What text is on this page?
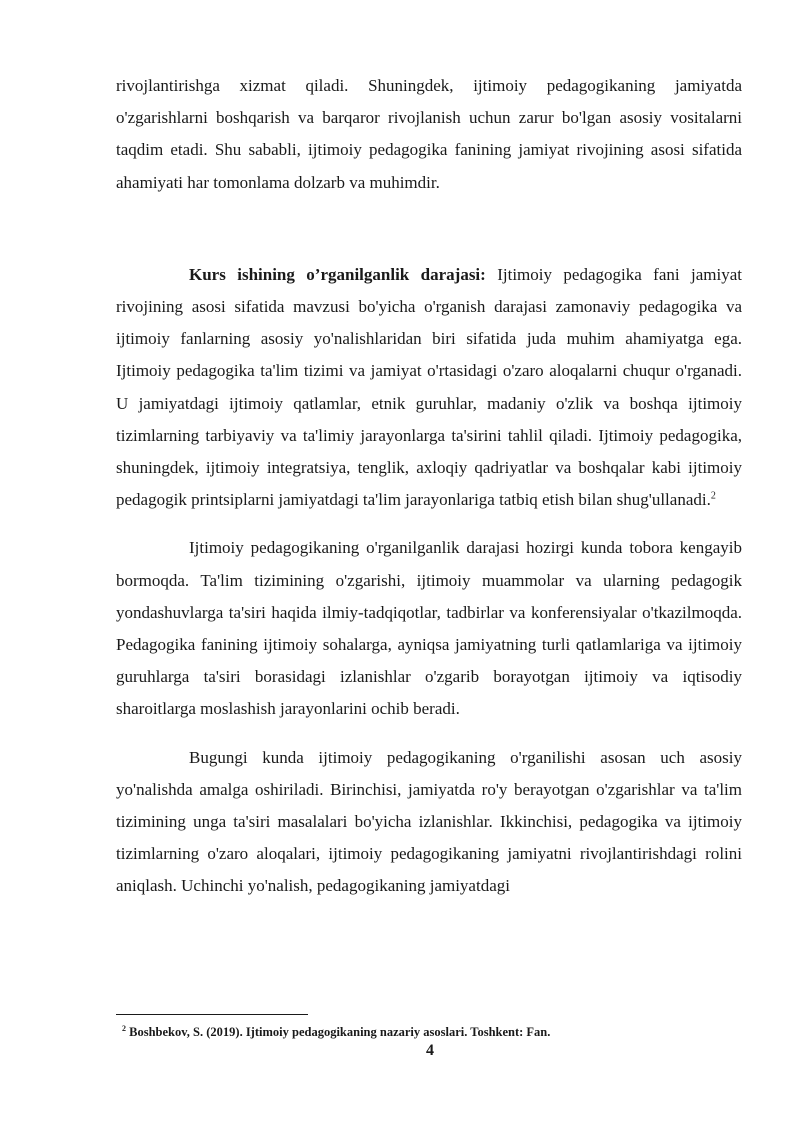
rivojlantirishga xizmat qiladi. Shuningdek, ijtimoiy pedagogikaning jamiyatda o'zgarishlarni boshqarish va barqaror rivojlanish uchun zarur bo'lgan asosiy vositalarni taqdim etadi. Shu sababli, ijtimoiy pedagogika fanining jamiyat rivojining asosi sifatida ahamiyati har tomonlama dolzarb va muhimdir.

Kurs ishining o’rganilganlik darajasi: Ijtimoiy pedagogika fani jamiyat rivojining asosi sifatida mavzusi bo'yicha o'rganish darajasi zamonaviy pedagogika va ijtimoiy fanlarning asosiy yo'nalishlaridan biri sifatida juda muhim ahamiyatga ega. Ijtimoiy pedagogika ta'lim tizimi va jamiyat o'rtasidagi o'zaro aloqalarni chuqur o'rganadi. U jamiyatdagi ijtimoiy qatlamlar, etnik guruhlar, madaniy o'zlik va boshqa ijtimoiy tizimlarning tarbiyaviy va ta'limiy jarayonlarga ta'sirini tahlil qiladi. Ijtimoiy pedagogika, shuningdek, ijtimoiy integratsiya, tenglik, axloqiy qadriyatlar va boshqalar kabi ijtimoiy pedagogik printsiplarni jamiyatdagi ta'lim jarayonlariga tatbiq etish bilan shug'ullanadi.$^2$

Ijtimoiy pedagogikaning o'rganilganlik darajasi hozirgi kunda tobora kengayib bormoqda. Ta'lim tizimining o'zgarishi, ijtimoiy muammolar va ularning pedagogik yondashuvlarga ta'siri haqida ilmiy-tadqiqotlar, tadbirlar va konferensiyalar o'tkazilmoqda. Pedagogika fanining ijtimoiy sohalarga, ayniqsa jamiyatning turli qatlamlariga va ijtimoiy guruhlarga ta'siri borasidagi izlanishlar o'zgarib borayotgan ijtimoiy va iqtisodiy sharoitlarga moslashish jarayonlarini ochib beradi.

Bugungi kunda ijtimoiy pedagogikaning o'rganilishi asosan uch asosiy yo'nalishda amalga oshiriladi. Birinchisi, jamiyatda ro'y berayotgan o'zgarishlar va ta'lim tizimining unga ta'siri masalalari bo'yicha izlanishlar. Ikkinchisi, pedagogika va ijtimoiy tizimlarning o'zaro aloqalari, ijtimoiy pedagogikaning jamiyatni rivojlantirishdagi rolini aniqlash. Uchinchi yo'nalish, pedagogikaning jamiyatdagi

$^2$ Boshbekov, S. (2019). Ijtimoiy pedagogikaning nazariy asoslari. Toshkent: Fan.

4
